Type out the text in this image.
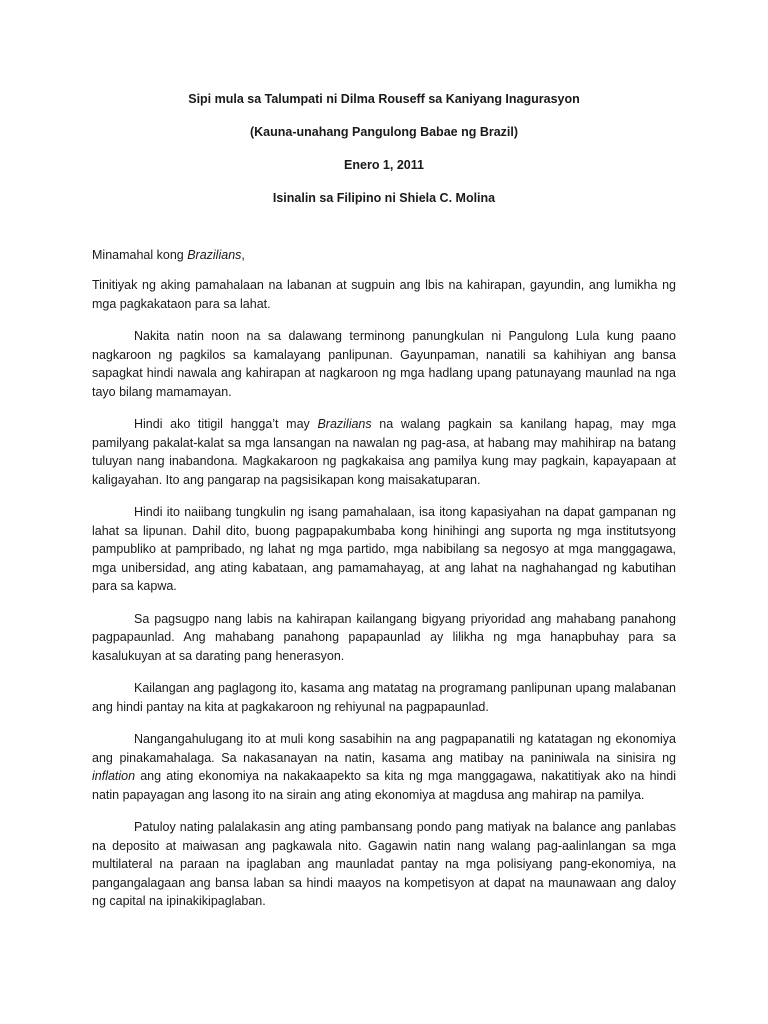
Sipi mula sa Talumpati ni Dilma Rouseff sa Kaniyang Inagurasyon

(Kauna-unahang Pangulong Babae ng Brazil)

Enero 1, 2011

Isinalin sa Filipino ni Shiela C. Molina

Minamahal kong Brazilians,

Tinitiyak ng aking pamahalaan na labanan at sugpuin ang lbis na kahirapan, gayundin, ang lumikha ng mga pagkakataon para sa lahat.

Nakita natin noon na sa dalawang terminong panungkulan ni Pangulong Lula kung paano nagkaroon ng pagkilos sa kamalayang panlipunan. Gayunpaman, nanatili sa kahihiyan ang bansa sapagkat hindi nawala ang kahirapan at nagkaroon ng mga hadlang upang patunayang maunlad na nga tayo bilang mamamayan.

Hindi ako titigil hangga’t may Brazilians na walang pagkain sa kanilang hapag, may mga pamilyang pakalat-kalat sa mga lansangan na nawalan ng pag-asa, at habang may mahihirap na batang tuluyan nang inabandona. Magkakaroon ng pagkakaisa ang pamilya kung may pagkain, kapayapaan at kaligayahan. Ito ang pangarap na pagsisikapan kong maisakatuparan.

Hindi ito naiibang tungkulin ng isang pamahalaan, isa itong kapasiyahan na dapat gampanan ng lahat sa lipunan. Dahil dito, buong pagpapakumbaba kong hinihingi ang suporta ng mga institutsyong pampubliko at pampribado, ng lahat ng mga partido, mga nabibilang sa negosyo at mga manggagawa, mga unibersidad, ang ating kabataan, ang pamamahayag, at ang lahat na naghahangad ng kabutihan para sa kapwa.

Sa pagsugpo nang labis na kahirapan kailangang bigyang priyoridad ang mahabang panahong pagpapaunlad. Ang mahabang panahong papapaunlad ay lilikha ng mga hanapbuhay para sa kasalukuyan at sa darating pang henerasyon.

Kailangan ang paglagong ito, kasama ang matatag na programang panlipunan upang malabanan ang hindi pantay na kita at pagkakaroon ng rehiyunal na pagpapaunlad.

Nangangahulugang ito at muli kong sasabihin na ang pagpapanatili ng katatagan ng ekonomiya ang pinakamahalaga. Sa nakasanayan na natin, kasama ang matibay na paniniwala na sinisira ng inflation ang ating ekonomiya na nakakaapekto sa kita ng mga manggagawa, nakatitiyak ako na hindi natin papayagan ang lasong ito na sirain ang ating ekonomiya at magdusa ang mahirap na pamilya.

Patuloy nating palalakasin ang ating pambansang pondo pang matiyak na balance ang panlabas na deposito at maiwasan ang pagkawala nito. Gagawin natin nang walang pag-aalinlangan sa mga multilateral na paraan na ipaglaban ang maunladat pantay na mga polisiyang pang-ekonomiya, na pangangalagaan ang bansa laban sa hindi maayos na kompetisyon at dapat na maunawaan ang daloy ng capital na ipinakikipaglaban.
